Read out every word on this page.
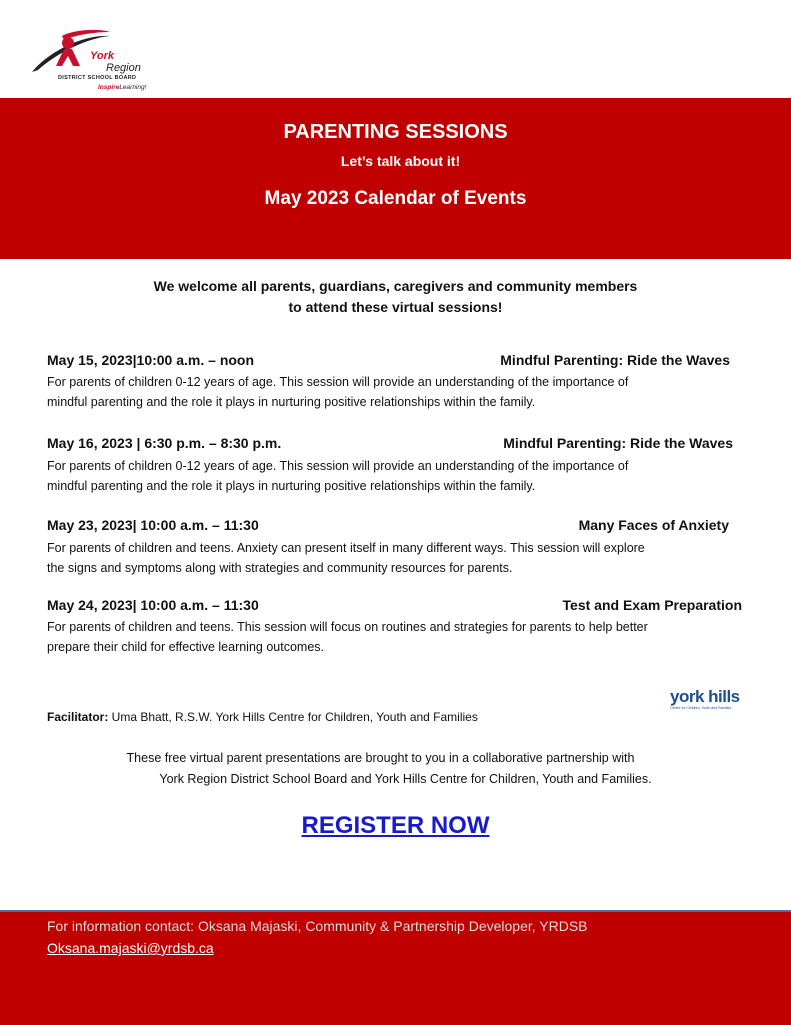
York
Region
DISTRICT SCHOOL BOARD
InspireLearning!
PARENTING SESSIONS
Let’s talk about it!
May 2023 Calendar of Events
We welcome all parents, guardians, caregivers and community members
to attend these virtual sessions!
May 15, 2023|10:00 a.m. – noon	Mindful Parenting: Ride the Waves
For parents of children 0-12 years of age. This session will provide an understanding of the importance of
mindful parenting and the role it plays in nurturing positive relationships within the family.
May 16, 2023 | 6:30 p.m. – 8:30 p.m.	Mindful Parenting: Ride the Waves
For parents of children 0-12 years of age. This session will provide an understanding of the importance of
mindful parenting and the role it plays in nurturing positive relationships within the family.
May 23, 2023| 10:00 a.m. – 11:30	Many Faces of Anxiety
For parents of children and teens. Anxiety can present itself in many different ways. This session will explore
the signs and symptoms along with strategies and community resources for parents.
May 24, 2023| 10:00 a.m. – 11:30	Test and Exam Preparation
For parents of children and teens. This session will focus on routines and strategies for parents to help better
prepare their child for effective learning outcomes.
york hills
Centre for Children, Youth and Families
Facilitator: Uma Bhatt, R.S.W. York Hills Centre for Children, Youth and Families
These free virtual parent presentations are brought to you in a collaborative partnership with
York Region District School Board and York Hills Centre for Children, Youth and Families.
REGISTER NOW
For information contact: Oksana Majaski, Community & Partnership Developer, YRDSB
Oksana.majaski@yrdsb.ca
